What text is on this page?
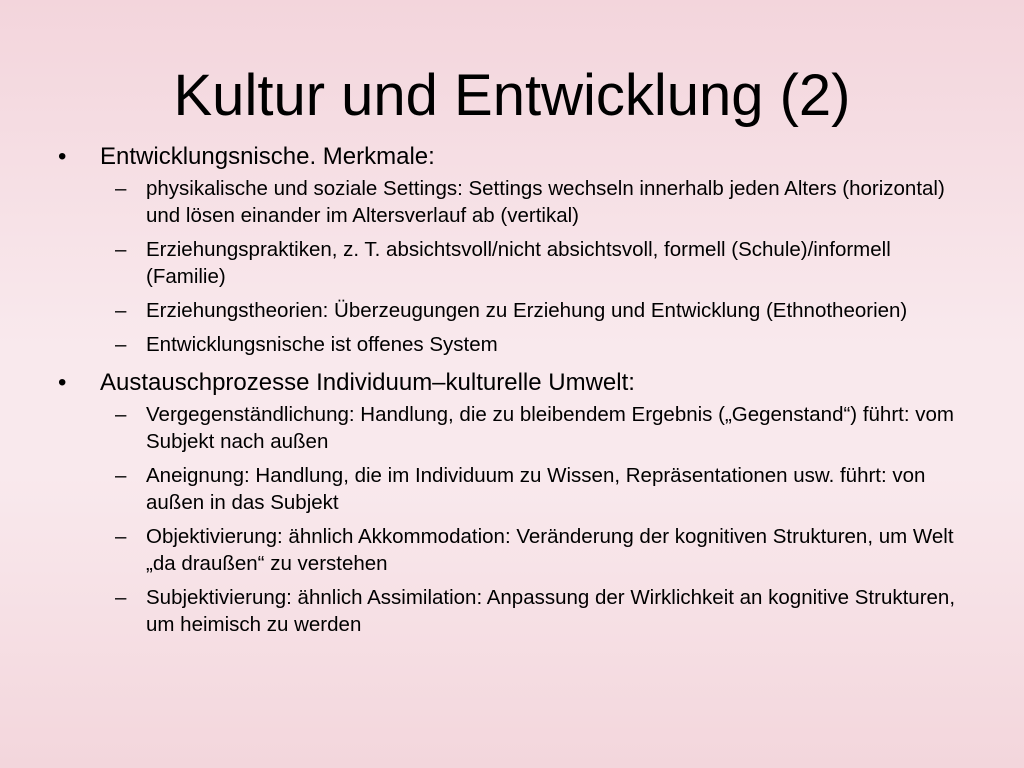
Kultur und Entwicklung (2)
• Entwicklungsnische. Merkmale:
– physikalische und soziale Settings: Settings wechseln innerhalb jeden Alters (horizontal) und lösen einander im Altersverlauf ab (vertikal)
– Erziehungspraktiken, z. T. absichtsvoll/nicht absichtsvoll, formell (Schule)/informell (Familie)
– Erziehungstheorien: Überzeugungen zu Erziehung und Entwicklung (Ethnotheorien)
– Entwicklungsnische ist offenes System
• Austauschprozesse Individuum–kulturelle Umwelt:
– Vergegenständlichung: Handlung, die zu bleibendem Ergebnis („Gegenstand“) führt: vom Subjekt nach außen
– Aneignung: Handlung, die im Individuum zu Wissen, Repräsentationen usw. führt: von außen in das Subjekt
– Objektivierung: ähnlich Akkommodation: Veränderung der kognitiven Strukturen, um Welt „da draußen“ zu verstehen
– Subjektivierung: ähnlich Assimilation: Anpassung der Wirklichkeit an kognitive Strukturen, um heimisch zu werden
